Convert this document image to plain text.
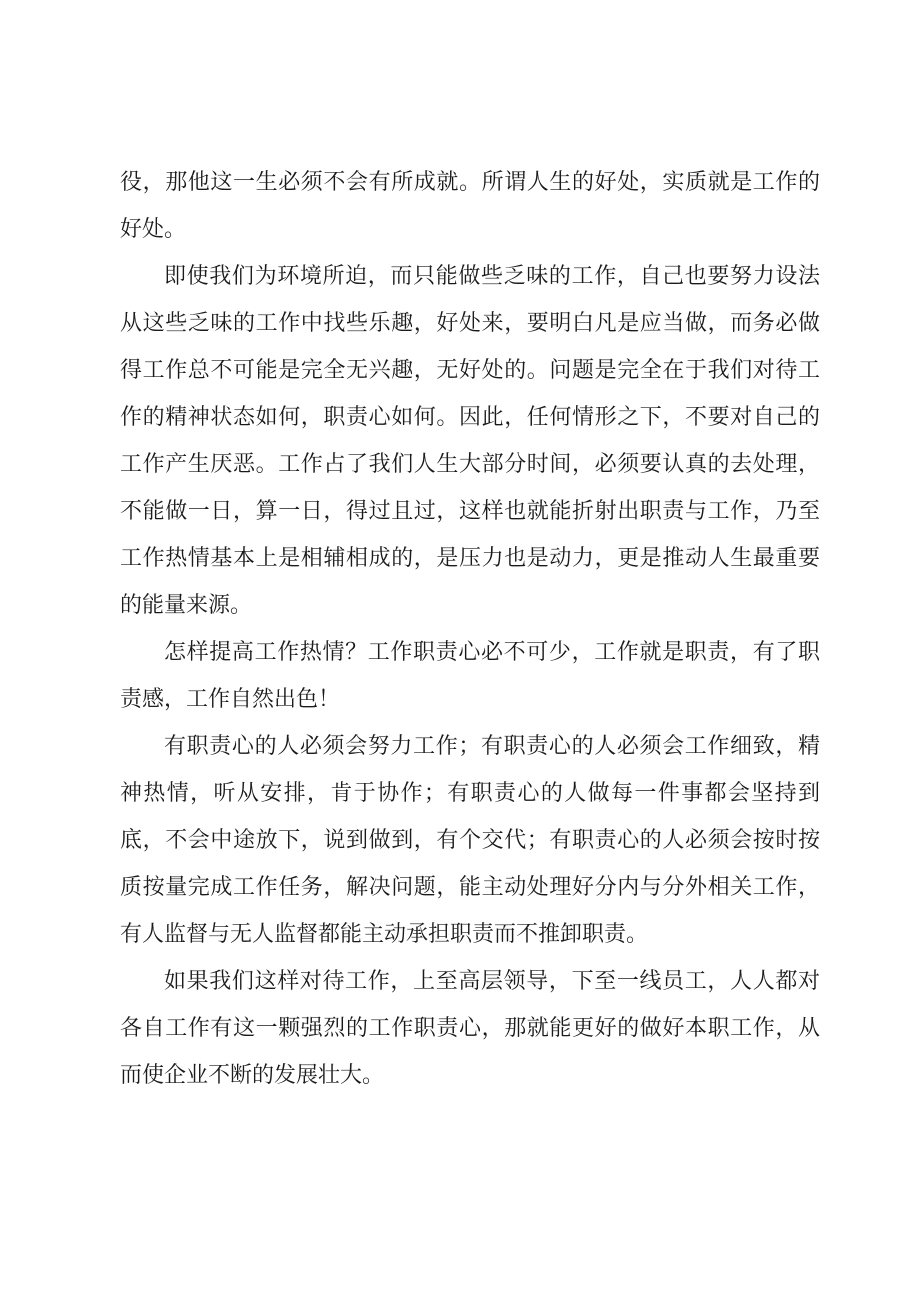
役，那他这一生必须不会有所成就。所谓人生的好处，实质就是工作的好处。

即使我们为环境所迫，而只能做些乏味的工作，自己也要努力设法从这些乏味的工作中找些乐趣，好处来，要明白凡是应当做，而务必做得工作总不可能是完全无兴趣，无好处的。问题是完全在于我们对待工作的精神状态如何，职责心如何。因此，任何情形之下，不要对自己的工作产生厌恶。工作占了我们人生大部分时间，必须要认真的去处理，不能做一日，算一日，得过且过，这样也就能折射出职责与工作，乃至工作热情基本上是相辅相成的，是压力也是动力，更是推动人生最重要的能量来源。

怎样提高工作热情？工作职责心必不可少，工作就是职责，有了职责感，工作自然出色！

有职责心的人必须会努力工作；有职责心的人必须会工作细致，精神热情，听从安排，肯于协作；有职责心的人做每一件事都会坚持到底，不会中途放下，说到做到，有个交代；有职责心的人必须会按时按质按量完成工作任务，解决问题，能主动处理好分内与分外相关工作，有人监督与无人监督都能主动承担职责而不推卸职责。

如果我们这样对待工作，上至高层领导，下至一线员工，人人都对各自工作有这一颗强烈的工作职责心，那就能更好的做好本职工作，从而使企业不断的发展壮大。
